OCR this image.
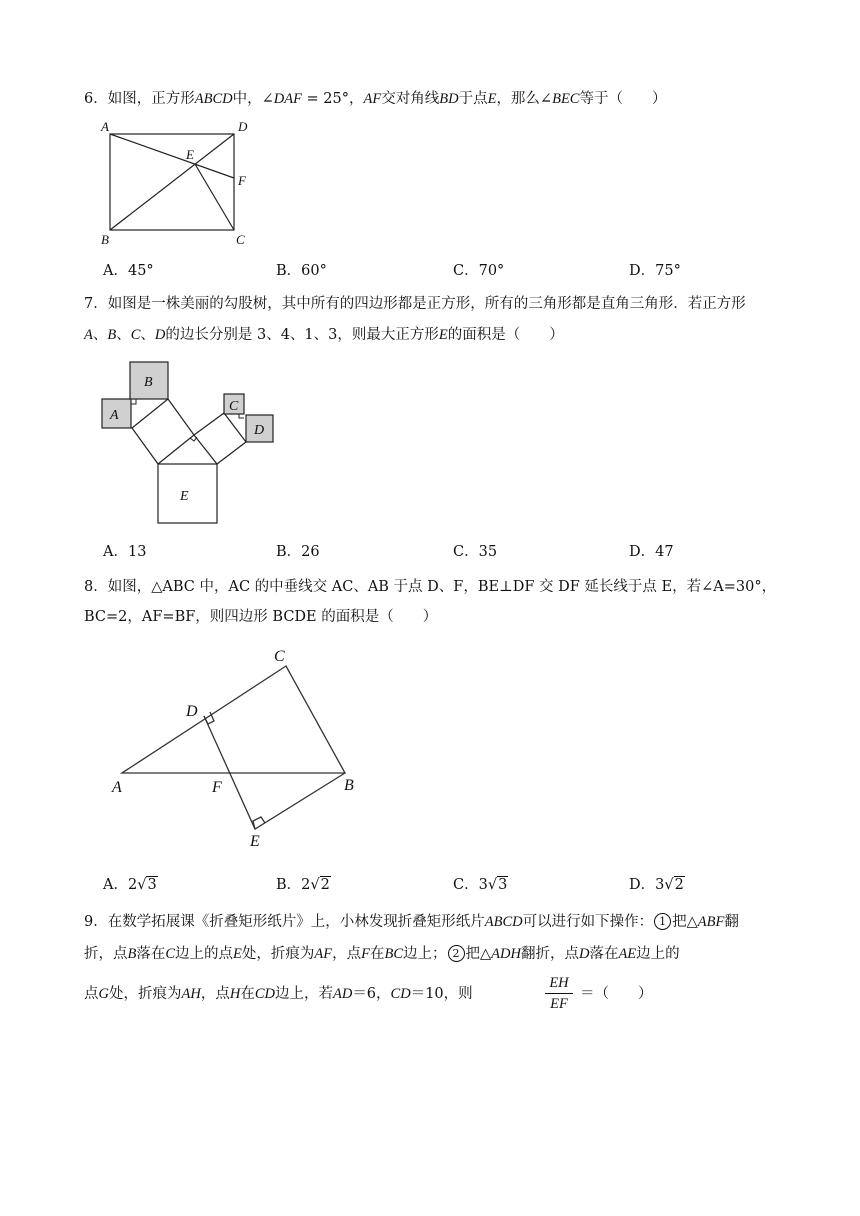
6．如图，正方形ABCD中，∠DAF = 25°，AF交对角线BD于点E，那么∠BEC等于（　　）
A	D
E
F
B	C
A．45°	B．60°	C．70°	D．75°
7．如图是一株美丽的勾股树，其中所有的四边形都是正方形，所有的三角形都是直角三角形．若正方形
A、B、C、D的边长分别是 3、4、1、3，则最大正方形E的面积是（　　）
A
B
C
D
E
A．13	B．26	C．35	D．47
8．如图，△ABC 中，AC 的中垂线交 AC、AB 于点 D、F，BE⊥DF 交 DF 延长线于点 E，若∠A=30°，
BC=2，AF=BF，则四边形 BCDE 的面积是（　　）
C
D
A	F	B
E
A．2√3	B．2√2	C．3√3	D．3√2
9．在数学拓展课《折叠矩形纸片》上，小林发现折叠矩形纸片ABCD可以进行如下操作： 1 把△ABF翻
折，点B落在C边上的点E处，折痕为AF，点F在BC边上； 2 把△ADH翻折，点D落在AE边上的
点G处，折痕为AH，点H在CD边上，若AD＝6，CD＝10，则
EH
EF
＝（　　）
